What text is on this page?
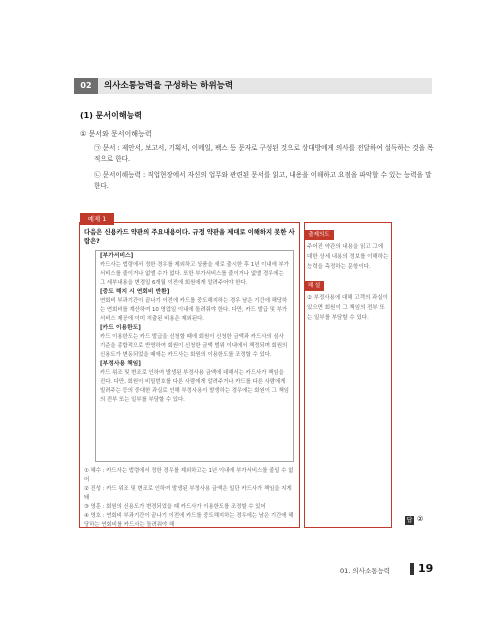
02	의사소통능력을 구성하는 하위능력
(1) 문서이해능력
① 문서와 문서이해능력
㉠ 문서 : 제안서, 보고서, 기획서, 이메일, 팩스 등 문자로 구성된 것으로 상대방에게 의사를 전달하여 설득하는 것을 목적으로 한다.
㉡ 문서이해능력 : 직업현장에서 자신의 업무와 관련된 문서를 읽고, 내용을 이해하고 요점을 파악할 수 있는 능력을 말한다.
예제 1
다음은 신용카드 약관의 주요내용이다. 규정 약관을 제대로 이해하지 못한 사람은?
[부가서비스]
카드사는 법령에서 정한 경우를 제외하고 상품을 새로 출시한 후 1년 이내에 부가서비스를 줄이거나 없앨 수가 없다. 또한 부가서비스를 줄이거나 없앨 경우에는 그 세부내용을 변경일 6개월 이전에 회원에게 알려주어야 한다.
[중도 해지 시 연회비 반환]
연회비 부과기간이 끝나기 이전에 카드를 중도해지하는 경우 남은 기간에 해당하는 연회비를 계산하여 10 영업일 이내에 돌려줘야 한다. 다만, 카드 발급 및 부가서비스 제공에 이미 지출된 비용은 제외된다.
[카드 이용한도]
카드 이용한도는 카드 발급을 신청할 때에 회원이 신청한 금액과 카드사의 심사 기준을 종합적으로 반영하여 회원이 신청한 금액 범위 이내에서 책정되며 회원의 신용도가 변동되었을 때에는 카드사는 회원의 이용한도를 조정할 수 있다.
[부정사용 책임]
카드 위조 및 변조로 인하여 발생된 부정사용 금액에 대해서는 카드사가 책임을 진다. 다만, 회원이 비밀번호를 다른 사람에게 알려주거나 카드를 다른 사람에게 빌려주는 등의 중대한 과실로 인해 부정사용이 발생하는 경우에는 회원이 그 책임의 전부 또는 일부를 부담할 수 있다.
① 혜수 : 카드사는 법령에서 정한 경우를 제외하고는 1년 이내에 부가서비스를 줄일 수 없어
② 진성 : 카드 위조 및 변조로 인하여 발생된 부정사용 금액은 일단 카드사가 책임을 지게 돼
③ 영훈 : 회원의 신용도가 변경되었을 때 카드사가 이용한도를 조정할 수 있어
④ 영호 : 연회비 부과기간이 끝나기 이전에 카드를 중도해지하는 경우에는 남은 기간에 해당하는 연회비를 카드사는 돌려줘야 해
출제의도
주어진 약관의 내용을 읽고 그에 대한 상세 내용의 정보를 이해하는 능력을 측정하는 문항이다.
해 설
② 부정사용에 대해 고객의 과실이 있으면 회원이 그 책임의 전부 또는 일부를 부담할 수 있다.
답 ②
01. 의사소통능력	19
